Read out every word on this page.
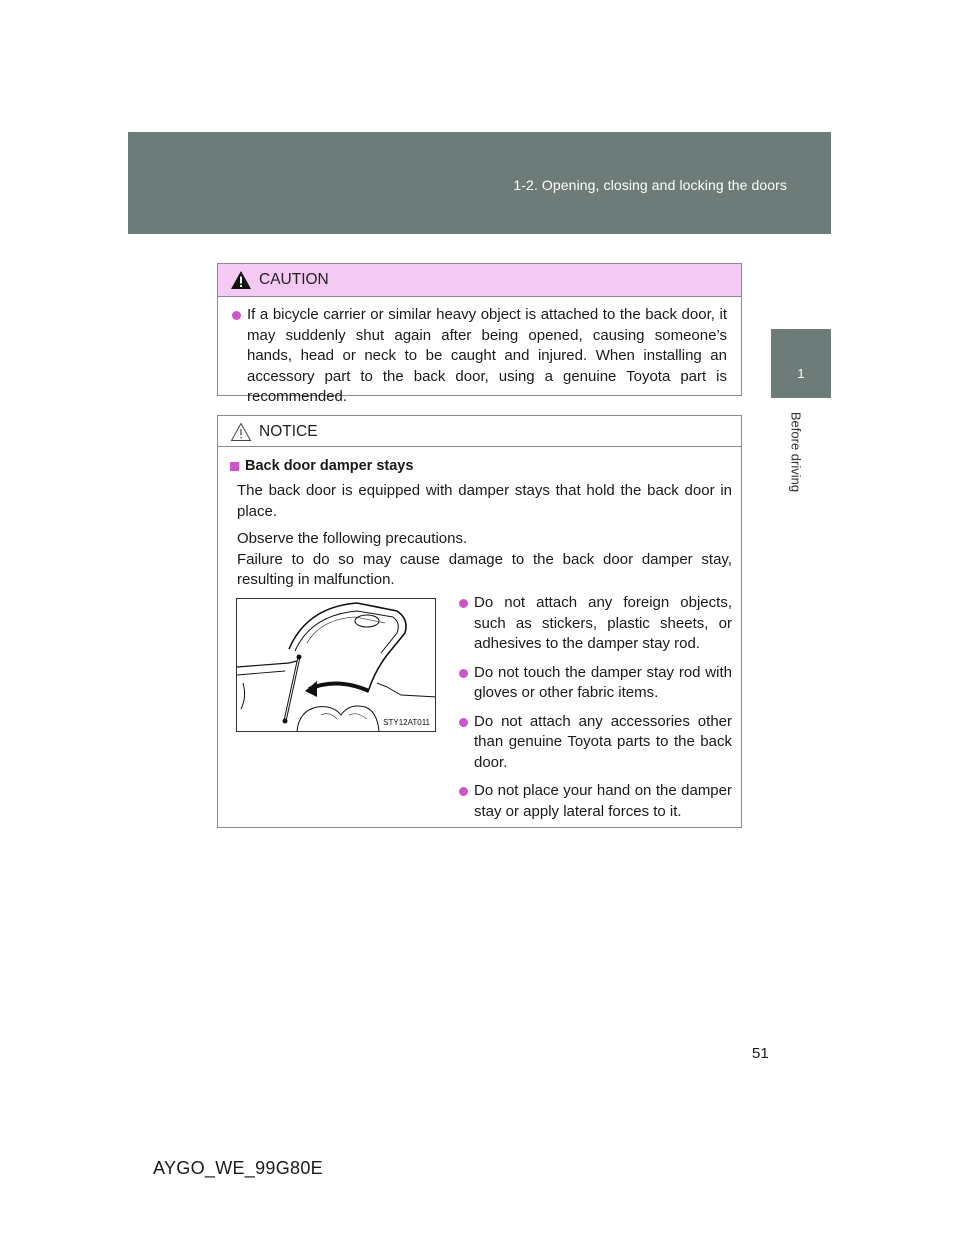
1-2. Opening, closing and locking the doors
1
Before driving
CAUTION
If a bicycle carrier or similar heavy object is attached to the back door, it may suddenly shut again after being opened, causing someone’s hands, head or neck to be caught and injured. When installing an accessory part to the back door, using a genuine Toyota part is recommended.
NOTICE
Back door damper stays

The back door is equipped with damper stays that hold the back door in place.

Observe the following precautions.
Failure to do so may cause damage to the back door damper stay, resulting in malfunction.

STY12AT011
Do not attach any foreign objects, such as stickers, plastic sheets, or adhesives to the damper stay rod.
Do not touch the damper stay rod with gloves or other fabric items.
Do not attach any accessories other than genuine Toyota parts to the back door.
Do not place your hand on the damper stay or apply lateral forces to it.
51
AYGO_WE_99G80E
